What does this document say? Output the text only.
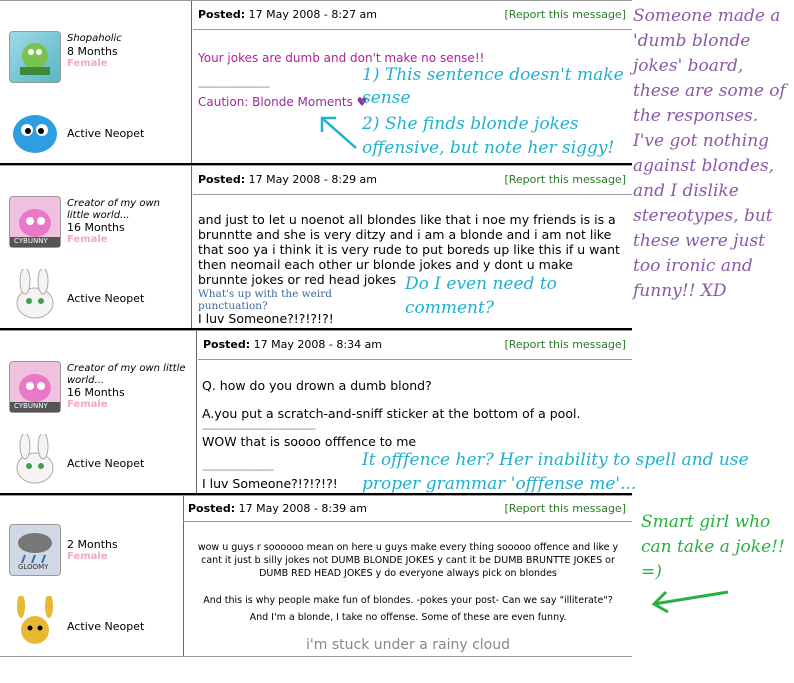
Shopaholic
8 Months
Female
Active Neopet
Posted: 17 May 2008 - 8:27 am	[Report this message]
Your jokes are dumb and don't make no sense!!
------------------------
Caution: Blonde Moments ♥
CYBUNNY
Creator of my own little world...
16 Months
Female
Active Neopet
Posted: 17 May 2008 - 8:29 am	[Report this message]
and just to let u noenot all blondes like that i noe my friends is is a brunntte and she is very ditzy and i am a blonde and i am not like that soo ya i think it is very rude to put boreds up like this if u want then neomail each other ur blonde jokes and y dont u make brunnte jokes or red head jokes
What's up with the weird punctuation?
I luv Someone?!?!?!?!
CYBUNNY
Creator of my own little world...
16 Months
Female
Active Neopet
Posted: 17 May 2008 - 8:34 am	[Report this message]
Q. how do you drown a dumb blond?
A.you put a scratch-and-sniff sticker at the bottom of a pool.
--------------------------------------
WOW that is soooo offfence to me
------------------------
I luv Someone?!?!?!?!
GLOOMY
2 Months
Female
Active Neopet
Posted: 17 May 2008 - 8:39 am	[Report this message]
wow u guys r soooooo mean on here u guys make every thing sooooo offence and like y cant it just b silly jokes not DUMB BLONDE JOKES y cant it be DUMB BRUNTTE JOKES or DUMB RED HEAD JOKES y do everyone always pick on blondes
And this is why people make fun of blondes. -pokes your post- Can we say "illiterate"?
And I'm a blonde, I take no offense. Some of these are even funny.
i'm stuck under a rainy cloud
1) This sentence doesn't make
sense
2) She finds blonde jokes
offensive, but note her siggy!
Do I even need to comment?
It offfence her? Her inability to spell and use
proper grammar 'offfense me'...
Someone made a 'dumb blonde jokes' board, these are some of the responses. I've got nothing against blondes, and I dislike stereotypes, but these were just too ironic and funny!! XD
Smart girl who can take a joke!! =)
